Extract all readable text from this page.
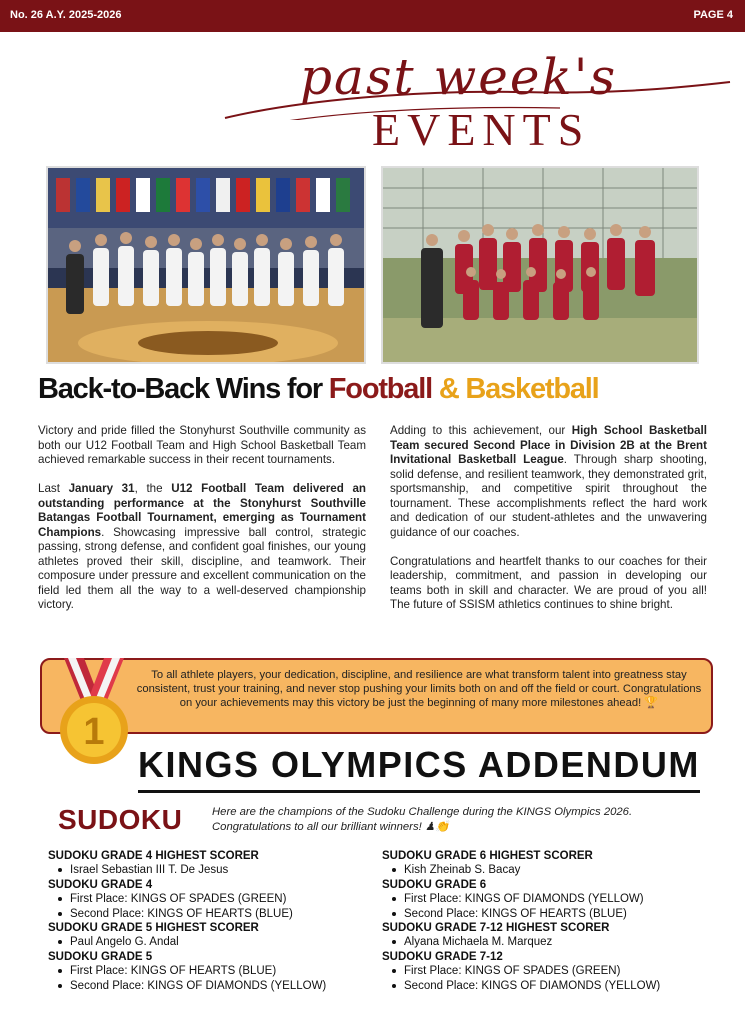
No. 26 A.Y. 2025-2026	PAGE 4
past week's
EVENTS
Back-to-Back Wins for Football & Basketball

Victory and pride filled the Stonyhurst Southville community as both our U12 Football Team and High School Basketball Team achieved remarkable success in their recent tournaments.

Last January 31, the U12 Football Team delivered an outstanding performance at the Stonyhurst Southville Batangas Football Tournament, emerging as Tournament Champions. Showcasing impressive ball control, strategic passing, strong defense, and confident goal finishes, our young athletes proved their skill, discipline, and teamwork. Their composure under pressure and excellent communication on the field led them all the way to a well-deserved championship victory.

Adding to this achievement, our High School Basketball Team secured Second Place in Division 2B at the Brent Invitational Basketball League. Through sharp shooting, solid defense, and resilient teamwork, they demonstrated grit, sportsmanship, and competitive spirit throughout the tournament. These accomplishments reflect the hard work and dedication of our student-athletes and the unwavering guidance of our coaches.

Congratulations and heartfelt thanks to our coaches for their leadership, commitment, and passion in developing our teams both in skill and character. We are proud of you all! The future of SSISM athletics continues to shine bright.

To all athlete players, your dedication, discipline, and resilience are what transform talent into greatness stay consistent, trust your training, and never stop pushing your limits both on and off the field or court. Congratulations on your achievements may this victory be just the beginning of many more milestones ahead! 🏆
1
KINGS OLYMPICS ADDENDUM
SUDOKU	Here are the champions of the Sudoku Challenge during the KINGS Olympics 2026. Congratulations to all our brilliant winners! ♟👏
SUDOKU GRADE 4 HIGHEST SCORER
Israel Sebastian III T. De Jesus
SUDOKU GRADE 4
First Place: KINGS OF SPADES (GREEN)
Second Place: KINGS OF HEARTS (BLUE)
SUDOKU GRADE 5 HIGHEST SCORER
Paul Angelo G. Andal
SUDOKU GRADE 5
First Place: KINGS OF HEARTS (BLUE)
Second Place: KINGS OF DIAMONDS (YELLOW)
SUDOKU GRADE 6 HIGHEST SCORER
Kish Zheinab S. Bacay
SUDOKU GRADE 6
First Place: KINGS OF DIAMONDS (YELLOW)
Second Place: KINGS OF HEARTS (BLUE)
SUDOKU GRADE 7-12 HIGHEST SCORER
Alyana Michaela M. Marquez
SUDOKU GRADE 7-12
First Place: KINGS OF SPADES (GREEN)
Second Place: KINGS OF DIAMONDS (YELLOW)
